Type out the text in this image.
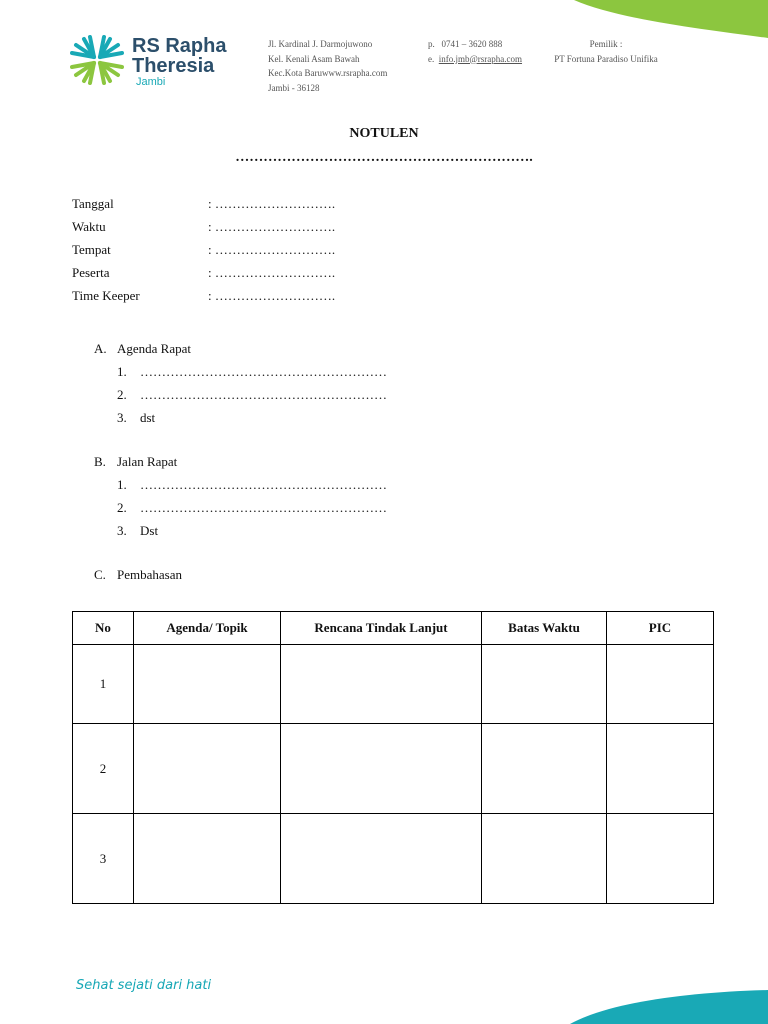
RS Rapha
Theresia
Jambi
Jl. Kardinal J. Darmojuwono
Kel. Kenali Asam Bawah
Kec.Kota Baruwww.rsrapha.com
Jambi - 36128
p. 0741 – 3620 888
e. info.jmb@rsrapha.com
Pemilik :
PT Fortuna Paradiso Unifika
NOTULEN
……………………………………………………….
Tanggal	: ……………………….
Waktu	: ……………………….
Tempat	: ……………………….
Peserta	: ……………………….
Time Keeper	: ……………………….
A. Agenda Rapat
1. …………………………………………………
2. …………………………………………………
3. dst
B. Jalan Rapat
1. …………………………………………………
2. …………………………………………………
3. Dst
C. Pembahasan
No	Agenda/ Topik	Rencana Tindak Lanjut	Batas Waktu	PIC
1				
2				
3				
Sehat sejati dari hati
